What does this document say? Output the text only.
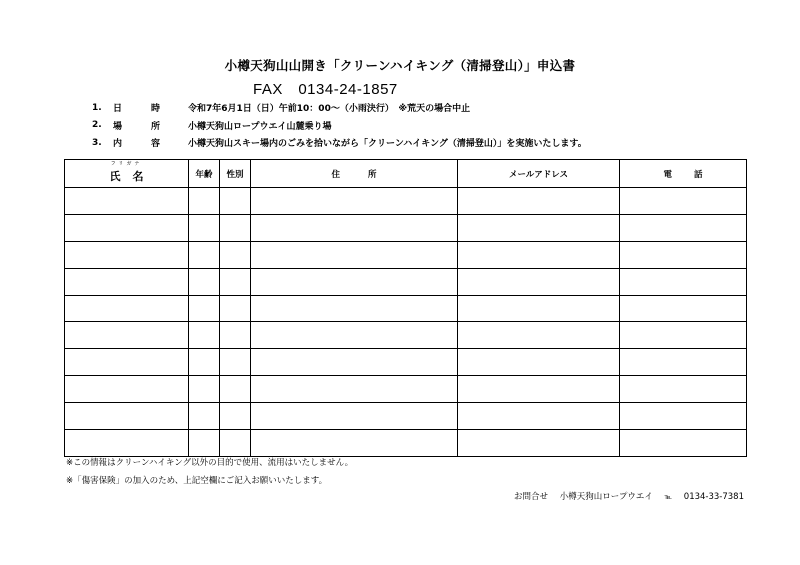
小樽天狗山山開き「クリーンハイキング（清掃登山）」申込書
FAX　0134-24-1857
1.	日	時	令和7年6月1日（日）午前10：00～（小雨決行）　※荒天の場合中止
2.	場	所	小樽天狗山ロープウエイ山麓乗り場
3.	内	容	小樽天狗山スキー場内のごみを拾いながら「クリーンハイキング（清掃登山）」を実施いたします。
フリガナ
氏名	年齢	性別	住所	メールアドレス	電話

※この情報はクリーンハイキング以外の目的で使用、流用はいたしません。
※「傷害保険」の加入のため、上記空欄にご記入お願いいたします。
お問合せ 小樽天狗山ロープウエイ ℡ 0134-33-7381
